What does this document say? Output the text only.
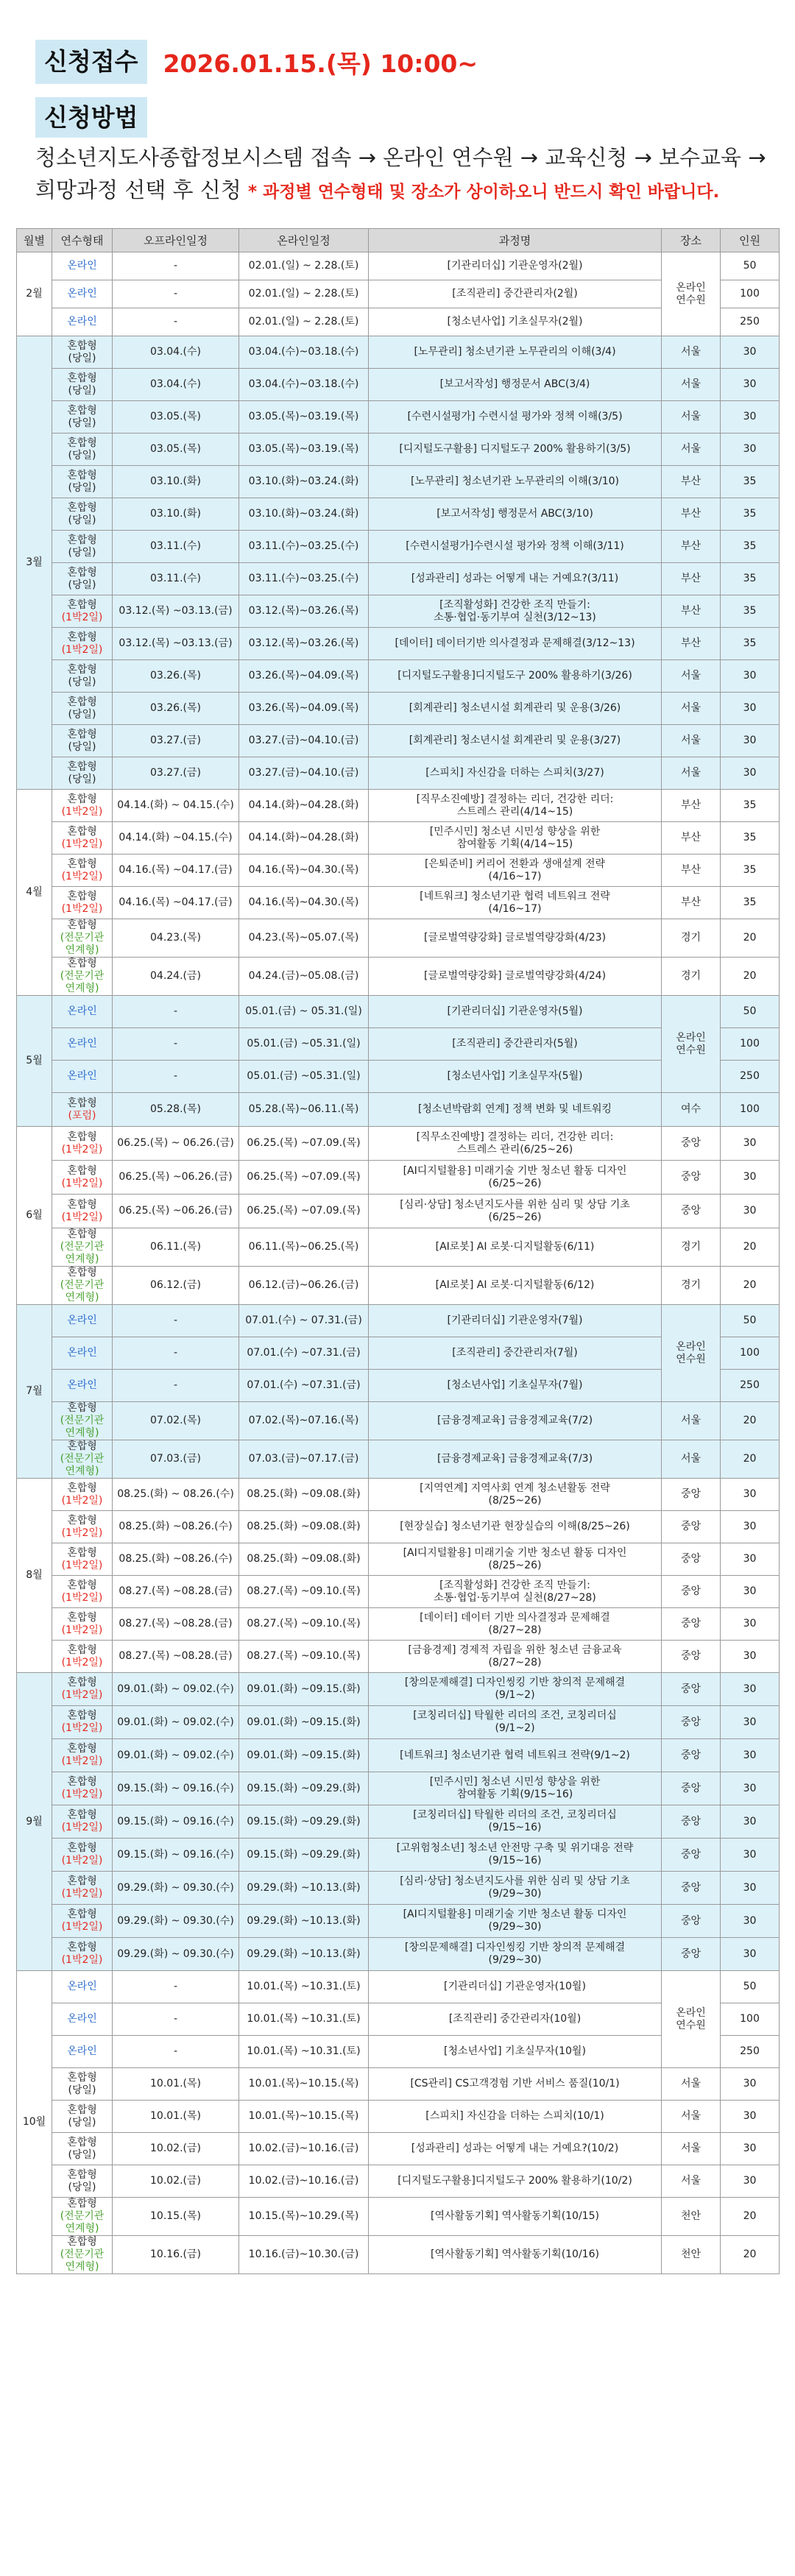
신청접수	2026.01.15.(목) 10:00~
신청방법
청소년지도사종합정보시스템 접속 → 온라인 연수원 → 교육신청 → 보수교육 → 희망과정 선택 후 신청 * 과정별 연수형태 및 장소가 상이하오니 반드시 확인 바랍니다.
월별	연수형태	오프라인일정	온라인일정	과정명	장소	인원
2월	온라인	-	02.01.(일) ~ 2.28.(토)	[기관리더십] 기관운영자(2월)	온라인
연수원	50
	온라인	-	02.01.(일) ~ 2.28.(토)	[조직관리] 중간관리자(2월)		100
	온라인	-	02.01.(일) ~ 2.28.(토)	[청소년사업] 기초실무자(2월)		250
3월	혼합형
(당일)	03.04.(수)	03.04.(수)~03.18.(수)	[노무관리] 청소년기관 노무관리의 이해(3/4)	서울	30
	혼합형
(당일)	03.04.(수)	03.04.(수)~03.18.(수)	[보고서작성] 행정문서 ABC(3/4)	서울	30
	혼합형
(당일)	03.05.(목)	03.05.(목)~03.19.(목)	[수련시설평가] 수련시설 평가와 정책 이해(3/5)	서울	30
	혼합형
(당일)	03.05.(목)	03.05.(목)~03.19.(목)	[디지털도구활용] 디지털도구 200% 활용하기(3/5)	서울	30
	혼합형
(당일)	03.10.(화)	03.10.(화)~03.24.(화)	[노무관리] 청소년기관 노무관리의 이해(3/10)	부산	35
	혼합형
(당일)	03.10.(화)	03.10.(화)~03.24.(화)	[보고서작성] 행정문서 ABC(3/10)	부산	35
	혼합형
(당일)	03.11.(수)	03.11.(수)~03.25.(수)	[수련시설평가]수련시설 평가와 정책 이해(3/11)	부산	35
	혼합형
(당일)	03.11.(수)	03.11.(수)~03.25.(수)	[성과관리] 성과는 어떻게 내는 거예요?(3/11)	부산	35
	혼합형
(1박2일)	03.12.(목) ~03.13.(금)	03.12.(목)~03.26.(목)	[조직활성화] 건강한 조직 만들기:
소통·협업·동기부여 실천(3/12~13)	부산	35
	혼합형
(1박2일)	03.12.(목) ~03.13.(금)	03.12.(목)~03.26.(목)	[데이터] 데이터기반 의사결정과 문제해결(3/12~13)	부산	35
	혼합형
(당일)	03.26.(목)	03.26.(목)~04.09.(목)	[디지털도구활용]디지털도구 200% 활용하기(3/26)	서울	30
	혼합형
(당일)	03.26.(목)	03.26.(목)~04.09.(목)	[회계관리] 청소년시설 회계관리 및 운용(3/26)	서울	30
	혼합형
(당일)	03.27.(금)	03.27.(금)~04.10.(금)	[회계관리] 청소년시설 회계관리 및 운용(3/27)	서울	30
	혼합형
(당일)	03.27.(금)	03.27.(금)~04.10.(금)	[스피치] 자신감을 더하는 스피치(3/27)	서울	30
4월	혼합형
(1박2일)	04.14.(화) ~ 04.15.(수)	04.14.(화)~04.28.(화)	[직무소진예방] 결정하는 리더, 건강한 리더:
스트레스 관리(4/14~15)	부산	35
	혼합형
(1박2일)	04.14.(화) ~04.15.(수)	04.14.(화)~04.28.(화)	[민주시민] 청소년 시민성 향상을 위한
참여활동 기획(4/14~15)	부산	35
	혼합형
(1박2일)	04.16.(목) ~04.17.(금)	04.16.(목)~04.30.(목)	[은퇴준비] 커리어 전환과 생애설계 전략
(4/16~17)	부산	35
	혼합형
(1박2일)	04.16.(목) ~04.17.(금)	04.16.(목)~04.30.(목)	[네트워크] 청소년기관 협력 네트워크 전략
(4/16~17)	부산	35
	혼합형
(전문기관
연계형)	04.23.(목)	04.23.(목)~05.07.(목)	[글로벌역량강화] 글로벌역량강화(4/23)	경기	20
	혼합형
(전문기관
연계형)	04.24.(금)	04.24.(금)~05.08.(금)	[글로벌역량강화] 글로벌역량강화(4/24)	경기	20
5월	온라인	-	05.01.(금) ~ 05.31.(일)	[기관리더십] 기관운영자(5월)	온라인
연수원	50
	온라인	-	05.01.(금) ~05.31.(일)	[조직관리] 중간관리자(5월)		100
	온라인	-	05.01.(금) ~05.31.(일)	[청소년사업] 기초실무자(5월)		250
	혼합형
(포럼)	05.28.(목)	05.28.(목)~06.11.(목)	[청소년박람회 연계] 정책 변화 및 네트워킹	여수	100
6월	혼합형
(1박2일)	06.25.(목) ~ 06.26.(금)	06.25.(목) ~07.09.(목)	[직무소진예방] 결정하는 리더, 건강한 리더:
스트레스 관리(6/25~26)	중앙	30
	혼합형
(1박2일)	06.25.(목) ~06.26.(금)	06.25.(목) ~07.09.(목)	[AI디지털활용] 미래기술 기반 청소년 활동 디자인
(6/25~26)	중앙	30
	혼합형
(1박2일)	06.25.(목) ~06.26.(금)	06.25.(목) ~07.09.(목)	[심리·상담] 청소년지도사를 위한 심리 및 상담 기초
(6/25~26)	중앙	30
	혼합형
(전문기관
연계형)	06.11.(목)	06.11.(목)~06.25.(목)	[AI로봇] AI 로봇·디지털활동(6/11)	경기	20
	혼합형
(전문기관
연계형)	06.12.(금)	06.12.(금)~06.26.(금)	[AI로봇] AI 로봇·디지털활동(6/12)	경기	20
7월	온라인	-	07.01.(수) ~ 07.31.(금)	[기관리더십] 기관운영자(7월)	온라인
연수원	50
	온라인	-	07.01.(수) ~07.31.(금)	[조직관리] 중간관리자(7월)		100
	온라인	-	07.01.(수) ~07.31.(금)	[청소년사업] 기초실무자(7월)		250
	혼합형
(전문기관
연계형)	07.02.(목)	07.02.(목)~07.16.(목)	[금융경제교육] 금융경제교육(7/2)	서울	20
	혼합형
(전문기관
연계형)	07.03.(금)	07.03.(금)~07.17.(금)	[금융경제교육] 금융경제교육(7/3)	서울	20
8월	혼합형
(1박2일)	08.25.(화) ~ 08.26.(수)	08.25.(화) ~09.08.(화)	[지역연계] 지역사회 연계 청소년활동 전략
(8/25~26)	중앙	30
	혼합형
(1박2일)	08.25.(화) ~08.26.(수)	08.25.(화) ~09.08.(화)	[현장실습] 청소년기관 현장실습의 이해(8/25~26)	중앙	30
	혼합형
(1박2일)	08.25.(화) ~08.26.(수)	08.25.(화) ~09.08.(화)	[AI디지털활용] 미래기술 기반 청소년 활동 디자인
(8/25~26)	중앙	30
	혼합형
(1박2일)	08.27.(목) ~08.28.(금)	08.27.(목) ~09.10.(목)	[조직활성화] 건강한 조직 만들기:
소통·협업·동기부여 실천(8/27~28)	중앙	30
	혼합형
(1박2일)	08.27.(목) ~08.28.(금)	08.27.(목) ~09.10.(목)	[데이터] 데이터 기반 의사결정과 문제해결
(8/27~28)	중앙	30
	혼합형
(1박2일)	08.27.(목) ~08.28.(금)	08.27.(목) ~09.10.(목)	[금융경제] 경제적 자립을 위한 청소년 금융교육
(8/27~28)	중앙	30
9월	혼합형
(1박2일)	09.01.(화) ~ 09.02.(수)	09.01.(화) ~09.15.(화)	[창의문제해결] 디자인씽킹 기반 창의적 문제해결
(9/1~2)	중앙	30
	혼합형
(1박2일)	09.01.(화) ~ 09.02.(수)	09.01.(화) ~09.15.(화)	[코칭리더십] 탁월한 리더의 조건, 코칭리더십
(9/1~2)	중앙	30
	혼합형
(1박2일)	09.01.(화) ~ 09.02.(수)	09.01.(화) ~09.15.(화)	[네트워크] 청소년기관 협력 네트워크 전략(9/1~2)	중앙	30
	혼합형
(1박2일)	09.15.(화) ~ 09.16.(수)	09.15.(화) ~09.29.(화)	[민주시민] 청소년 시민성 향상을 위한
참여활동 기획(9/15~16)	중앙	30
	혼합형
(1박2일)	09.15.(화) ~ 09.16.(수)	09.15.(화) ~09.29.(화)	[코칭리더십] 탁월한 리더의 조건, 코칭리더십
(9/15~16)	중앙	30
	혼합형
(1박2일)	09.15.(화) ~ 09.16.(수)	09.15.(화) ~09.29.(화)	[고위험청소년] 청소년 안전망 구축 및 위기대응 전략(9/15~16)	중앙	30
	혼합형
(1박2일)	09.29.(화) ~ 09.30.(수)	09.29.(화) ~10.13.(화)	[심리·상담] 청소년지도사를 위한 심리 및 상담 기초
(9/29~30)	중앙	30
	혼합형
(1박2일)	09.29.(화) ~ 09.30.(수)	09.29.(화) ~10.13.(화)	[AI디지털활용] 미래기술 기반 청소년 활동 디자인
(9/29~30)	중앙	30
	혼합형
(1박2일)	09.29.(화) ~ 09.30.(수)	09.29.(화) ~10.13.(화)	[창의문제해결] 디자인씽킹 기반 창의적 문제해결
(9/29~30)	중앙	30
10월	온라인	-	10.01.(목) ~10.31.(토)	[기관리더십] 기관운영자(10월)	온라인
연수원	50
	온라인	-	10.01.(목) ~10.31.(토)	[조직관리] 중간관리자(10월)		100
	온라인	-	10.01.(목) ~10.31.(토)	[청소년사업] 기초실무자(10월)		250
	혼합형
(당일)	10.01.(목)	10.01.(목)~10.15.(목)	[CS관리] CS고객경험 기반 서비스 품질(10/1)	서울	30
	혼합형
(당일)	10.01.(목)	10.01.(목)~10.15.(목)	[스피치] 자신감을 더하는 스피치(10/1)	서울	30
	혼합형
(당일)	10.02.(금)	10.02.(금)~10.16.(금)	[성과관리] 성과는 어떻게 내는 거예요?(10/2)	서울	30
	혼합형
(당일)	10.02.(금)	10.02.(금)~10.16.(금)	[디지털도구활용]디지털도구 200% 활용하기(10/2)	서울	30
	혼합형
(전문기관
연계형)	10.15.(목)	10.15.(목)~10.29.(목)	[역사활동기획] 역사활동기획(10/15)	천안	20
	혼합형
(전문기관
연계형)	10.16.(금)	10.16.(금)~10.30.(금)	[역사활동기획] 역사활동기획(10/16)	천안	20
